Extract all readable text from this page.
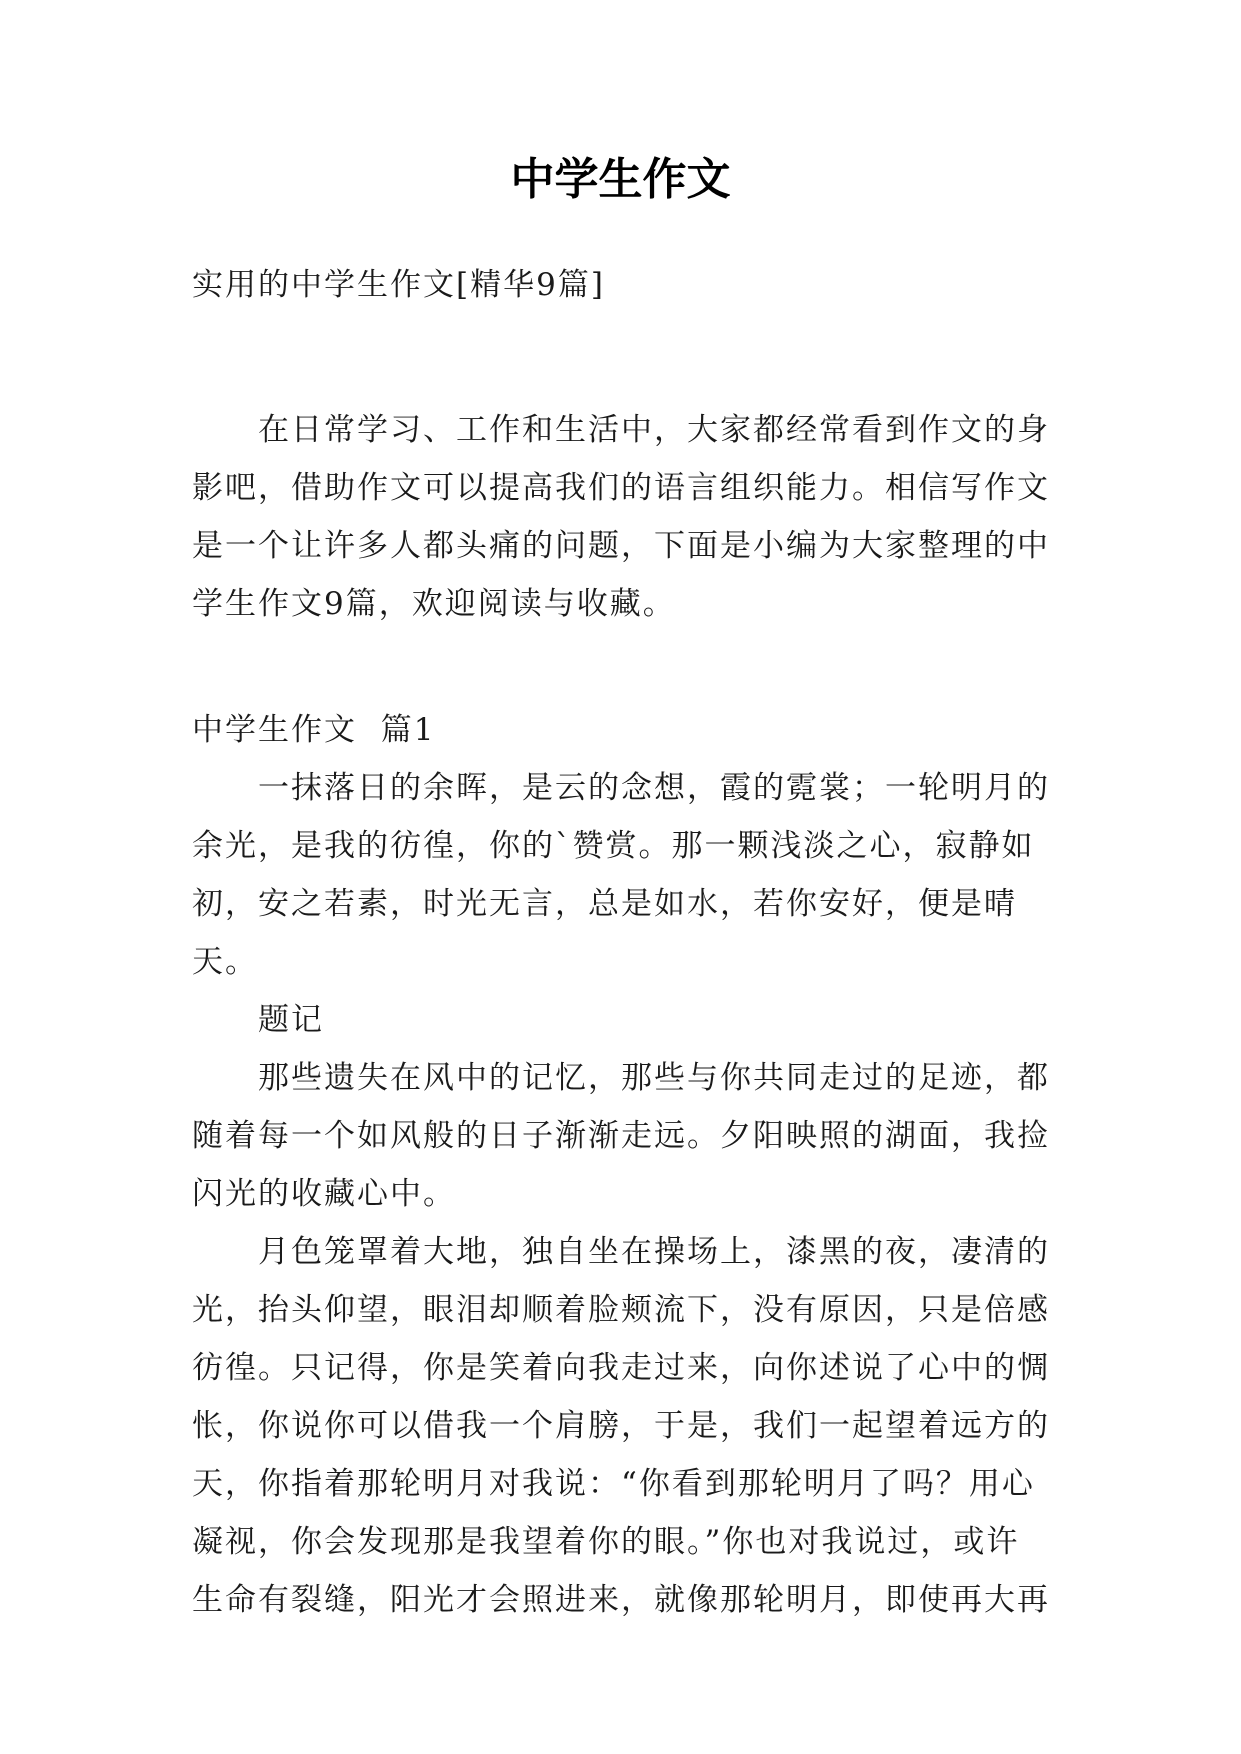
中学生作文
实用的中学生作文[精华9篇]

在日常学习、工作和生活中，大家都经常看到作文的身影吧，借助作文可以提高我们的语言组织能力。相信写作文是一个让许多人都头痛的问题，下面是小编为大家整理的中学生作文9篇，欢迎阅读与收藏。

中学生作文  篇1

一抹落日的余晖，是云的念想，霞的霓裳；一轮明月的余光，是我的彷徨，你的`赞赏。那一颗浅淡之心，寂静如初，安之若素，时光无言，总是如水，若你安好，便是晴天。

题记

那些遗失在风中的记忆，那些与你共同走过的足迹，都随着每一个如风般的日子渐渐走远。夕阳映照的湖面，我捡闪光的收藏心中。

月色笼罩着大地，独自坐在操场上，漆黑的夜，凄清的光，抬头仰望，眼泪却顺着脸颊流下，没有原因，只是倍感彷徨。只记得，你是笑着向我走过来，向你述说了心中的惆怅，你说你可以借我一个肩膀，于是，我们一起望着远方的天，你指着那轮明月对我说：“你看到那轮明月了吗？用心凝视，你会发现那是我望着你的眼。”你也对我说过，或许生命有裂缝，阳光才会照进来，就像那轮明月，即使再大再
